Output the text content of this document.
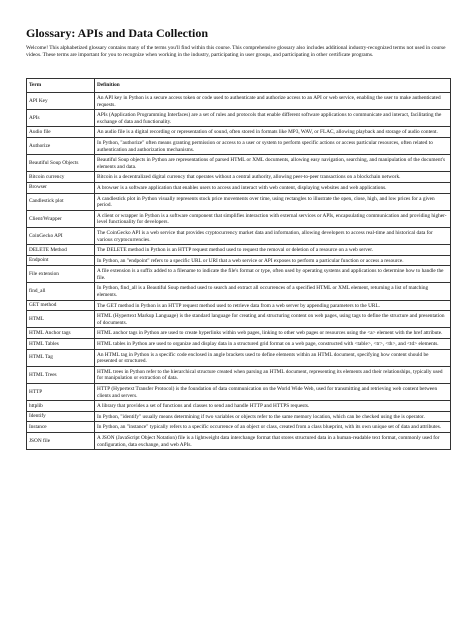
Glossary: APIs and Data Collection

Welcome! This alphabetized glossary contains many of the terms you'll find within this course. This comprehensive glossary also includes additional industry-recognized terms not used in course videos. These terms are important for you to recognize when working in the industry, participating in user groups, and participating in other certificate programs.

Term	Definition
API Key	An API key in Python is a secure access token or code used to authenticate and authorize access to an API or web service, enabling the user to make authenticated requests.
APIs	APIs (Application Programming Interfaces) are a set of rules and protocols that enable different software applications to communicate and interact, facilitating the exchange of data and functionality.
Audio file	An audio file is a digital recording or representation of sound, often stored in formats like MP3, WAV, or FLAC, allowing playback and storage of audio content.
Authorize	In Python, "authorize" often means granting permission or access to a user or system to perform specific actions or access particular resources, often related to authentication and authorization mechanisms.
Beautiful Soup Objects	Beautiful Soup objects in Python are representations of parsed HTML or XML documents, allowing easy navigation, searching, and manipulation of the document's elements and data.
Bitcoin currency	Bitcoin is a decentralized digital currency that operates without a central authority, allowing peer-to-peer transactions on a blockchain network.
Browser	A browser is a software application that enables users to access and interact with web content, displaying websites and web applications.
Candlestick plot	A candlestick plot in Python visually represents stock price movements over time, using rectangles to illustrate the open, close, high, and low prices for a given period.
Client/Wrapper	A client or wrapper in Python is a software component that simplifies interaction with external services or APIs, encapsulating communication and providing higher-level functionality for developers.
CoinGecko API	The CoinGecko API is a web service that provides cryptocurrency market data and information, allowing developers to access real-time and historical data for various cryptocurrencies.
DELETE Method	The DELETE method in Python is an HTTP request method used to request the removal or deletion of a resource on a web server.
Endpoint	In Python, an "endpoint" refers to a specific URL or URI that a web service or API exposes to perform a particular function or access a resource.
File extension	A file extension is a suffix added to a filename to indicate the file's format or type, often used by operating systems and applications to determine how to handle the file.
find_all	In Python, find_all is a Beautiful Soup method used to search and extract all occurrences of a specified HTML or XML element, returning a list of matching elements.
GET method	The GET method in Python is an HTTP request method used to retrieve data from a web server by appending parameters to the URL.
HTML	HTML (Hypertext Markup Language) is the standard language for creating and structuring content on web pages, using tags to define the structure and presentation of documents.
HTML Anchor tags	HTML anchor tags in Python are used to create hyperlinks within web pages, linking to other web pages or resources using the <a> element with the href attribute.
HTML Tables	HTML tables in Python are used to organize and display data in a structured grid format on a web page, constructed with <table>, <tr>, <th>, and <td> elements.
HTML Tag	An HTML tag in Python is a specific code enclosed in angle brackets used to define elements within an HTML document, specifying how content should be presented or structured.
HTML Trees	HTML trees in Python refer to the hierarchical structure created when parsing an HTML document, representing its elements and their relationships, typically used for manipulation or extraction of data.
HTTP	HTTP (Hypertext Transfer Protocol) is the foundation of data communication on the World Wide Web, used for transmitting and retrieving web content between clients and servers.
httplib	A library that provides a set of functions and classes to send and handle HTTP and HTTPS requests.
Identify	In Python, "identify" usually means determining if two variables or objects refer to the same memory location, which can be checked using the is operator.
Instance	In Python, an "instance" typically refers to a specific occurrence of an object or class, created from a class blueprint, with its own unique set of data and attributes.
JSON file	A JSON (JavaScript Object Notation) file is a lightweight data interchange format that stores structured data in a human-readable text format, commonly used for configuration, data exchange, and web APIs.
